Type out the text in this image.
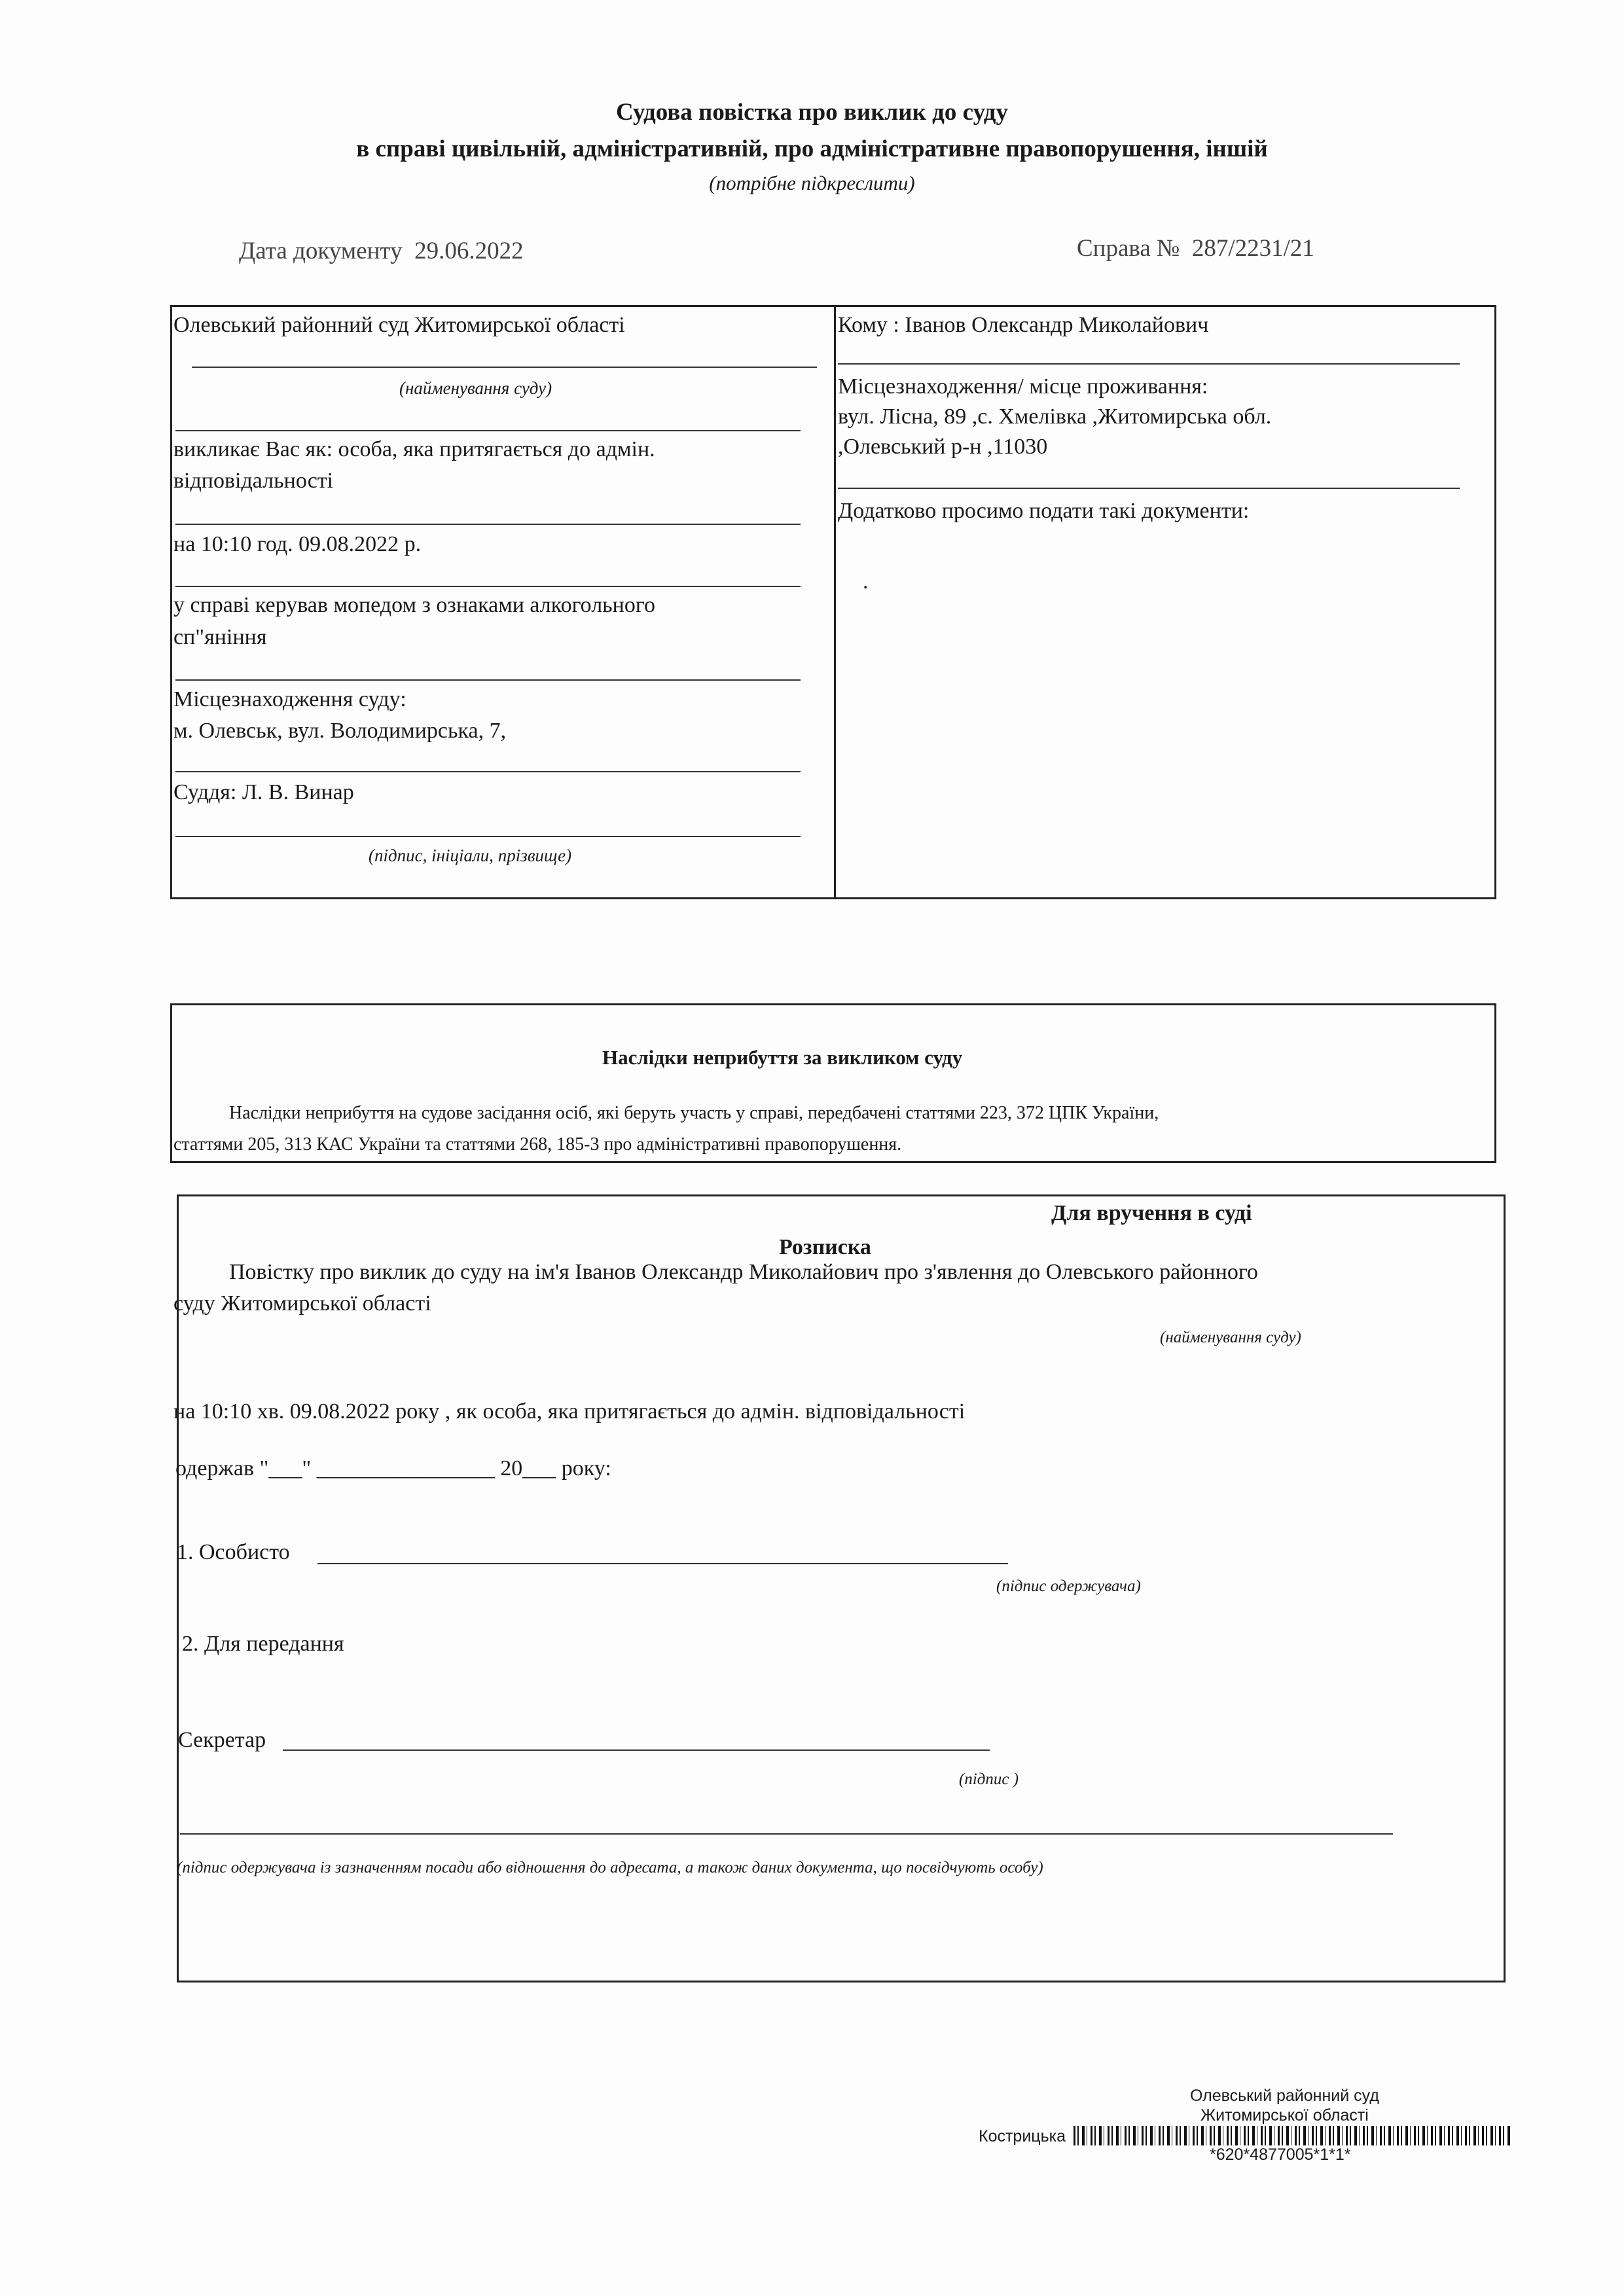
Судова повістка про виклик до суду
в справі цивільній, адміністративній, про адміністративне правопорушення, іншій
(потрібне підкреслити)
Дата документу 29.06.2022	Справа № 287/2231/21
Олевський районний суд Житомирської області
(найменування суду)
викликає Вас як: особа, яка притягається до адмін.
відповідальності
на 10:10 год. 09.08.2022 р.
у справі керував мопедом з ознаками алкогольного
сп"яніння
Місцезнаходження суду:
м. Олевськ, вул. Володимирська, 7,
Суддя: Л. В. Винар
(підпис, ініціали, прізвище)
Кому : Іванов Олександр Миколайович
Місцезнаходження/ місце проживання:
вул. Лісна, 89 ,с. Хмелівка ,Житомирська обл.
,Олевський р-н ,11030
Додатково просимо подати такі документи:
.
Наслідки неприбуття за викликом суду
Наслідки неприбуття на судове засідання осіб, які беруть участь у справі, передбачені статтями 223, 372 ЦПК України,
статтями 205, 313 КАС України та статтями 268, 185-3 про адміністративні правопорушення.
Для вручення в суді
Розписка
Повістку про виклик до суду на ім'я Іванов Олександр Миколайович про з'явлення до Олевського районного
суду Житомирської області
(найменування суду)
на 10:10 хв. 09.08.2022 року , як особа, яка притягається до адмін. відповідальності
одержав "___" ________________ 20___ року:
1. Особисто
(підпис одержувача)
2. Для передання
Секретар
(підпис )
(підпис одержувача із зазначенням посади або відношення до адресата, а також даних документа, що посвідчують особу)
Олевський районний суд
Житомирської області
Кострицька
*620*4877005*1*1*
